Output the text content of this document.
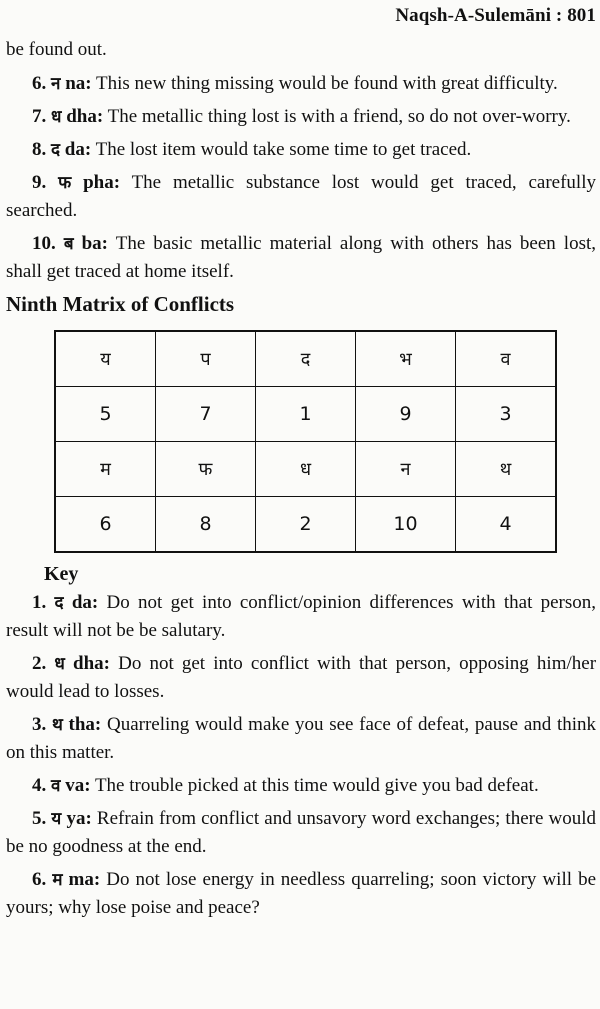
Naqsh-A-Sulemāni : 801

be found out.

6. न na: This new thing missing would be found with great difficulty.

7. ध dha: The metallic thing lost is with a friend, so do not over-worry.

8. द da: The lost item would take some time to get traced.

9. फ pha: The metallic substance lost would get traced, carefully searched.

10. ब ba: The basic metallic material along with others has been lost, shall get traced at home itself.

Ninth Matrix of Conflicts
य	प	द	भ	व
5	7	1	9	3
म	फ	ध	न	थ
6	8	2	10	4
Key

1. द da: Do not get into conflict/opinion differences with that person, result will not be be salutary.

2. ध dha: Do not get into conflict with that person, opposing him/her would lead to losses.

3. थ tha: Quarreling would make you see face of defeat, pause and think on this matter.

4. व va: The trouble picked at this time would give you bad defeat.

5. य ya: Refrain from conflict and unsavory word exchanges; there would be no goodness at the end.

6. म ma: Do not lose energy in needless quarreling; soon victory will be yours; why lose poise and peace?
